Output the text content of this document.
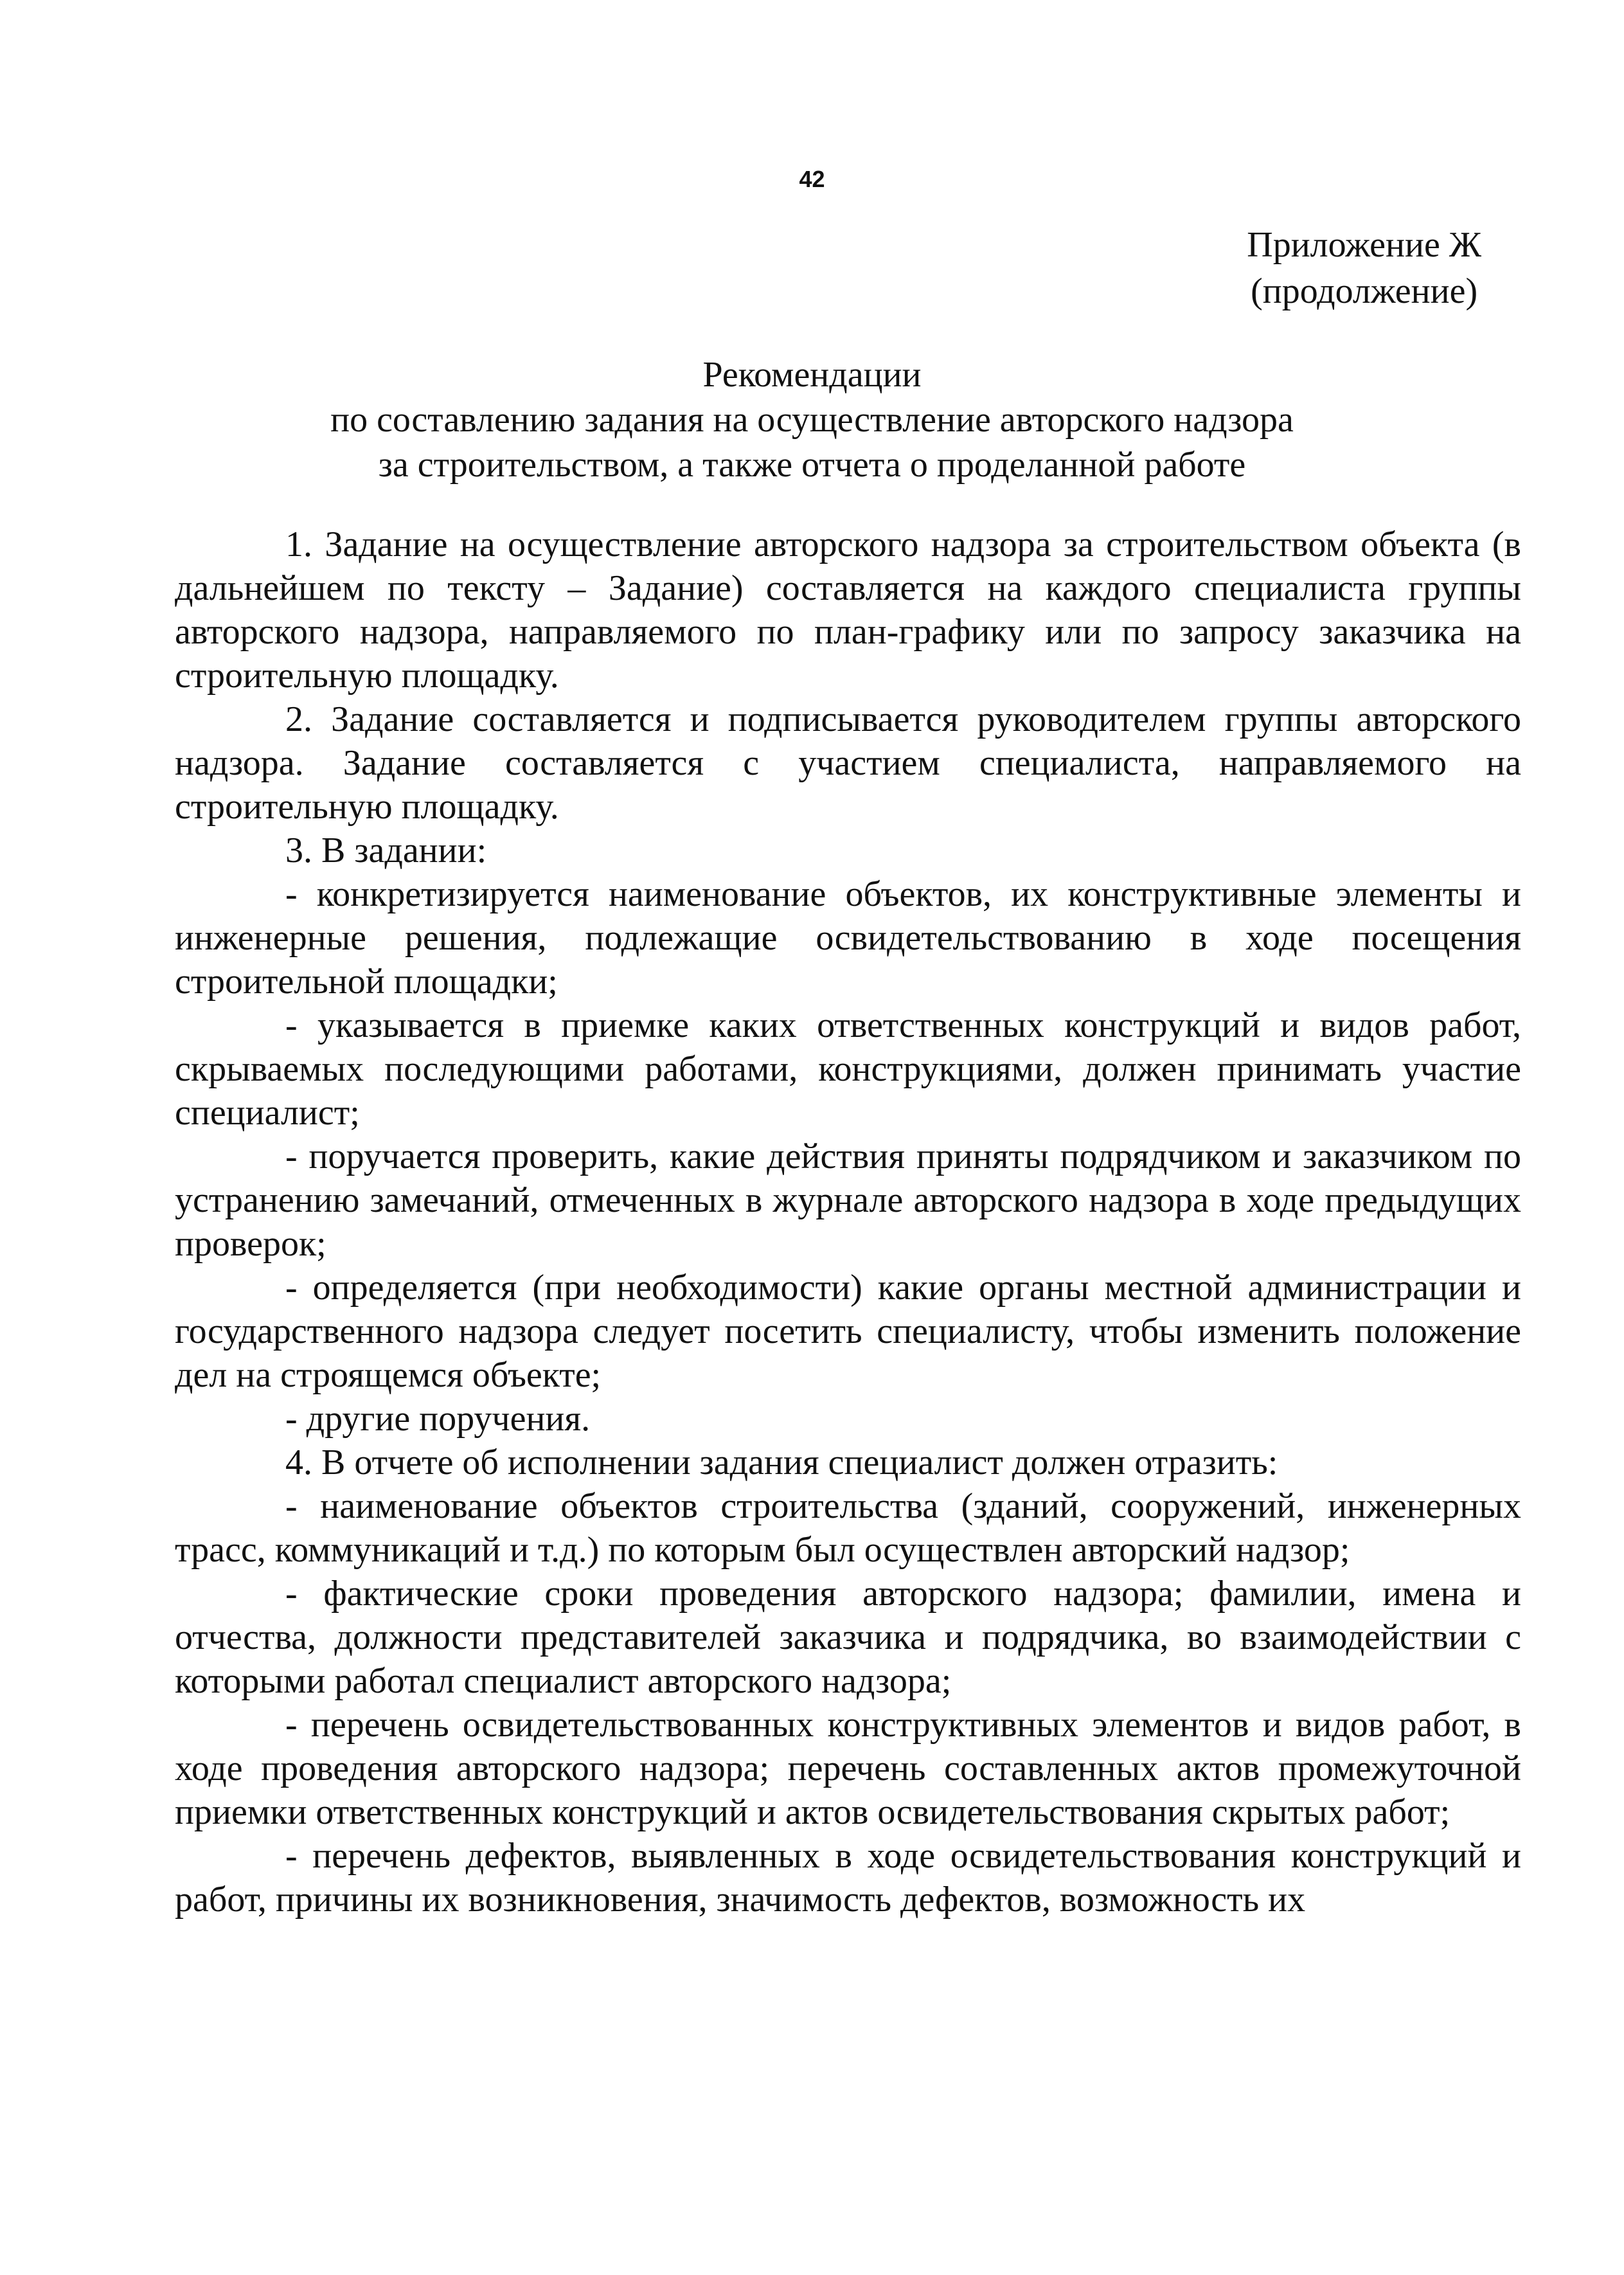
42
Приложение Ж
(продолжение)
Рекомендации
по составлению задания на осуществление авторского надзора
за строительством, а также отчета о проделанной работе

1. Задание на осуществление авторского надзора за строительством объекта (в дальнейшем по тексту – Задание) составляется на каждого специалиста группы авторского надзора, направляемого по план-графику или по запросу заказчика на строительную площадку.

2. Задание составляется и подписывается руководителем группы авторского надзора. Задание составляется с участием специалиста, направляемого на строительную площадку.

3. В задании:

- конкретизируется наименование объектов, их конструктивные элементы и инженерные решения, подлежащие освидетельствованию в ходе посещения строительной площадки;

- указывается в приемке каких ответственных конструкций и видов работ, скрываемых последующими работами, конструкциями, должен принимать участие специалист;

- поручается проверить, какие действия приняты подрядчиком и заказчиком по устранению замечаний, отмеченных в журнале авторского надзора в ходе предыдущих проверок;

- определяется (при необходимости) какие органы местной администрации и государственного надзора следует посетить специалисту, чтобы изменить положение дел на строящемся объекте;

- другие поручения.

4. В отчете об исполнении задания специалист должен отразить:

- наименование объектов строительства (зданий, сооружений, инженерных трасс, коммуникаций и т.д.) по которым был осуществлен авторский надзор;

- фактические сроки проведения авторского надзора; фамилии, имена и отчества, должности представителей заказчика и подрядчика, во взаимодействии с которыми работал специалист авторского надзора;

- перечень освидетельствованных конструктивных элементов и видов работ, в ходе проведения авторского надзора; перечень составленных актов промежуточной приемки ответственных конструкций и актов освидетельствования скрытых работ;

- перечень дефектов, выявленных в ходе освидетельствования конструкций и работ, причины их возникновения, значимость дефектов, возможность их
